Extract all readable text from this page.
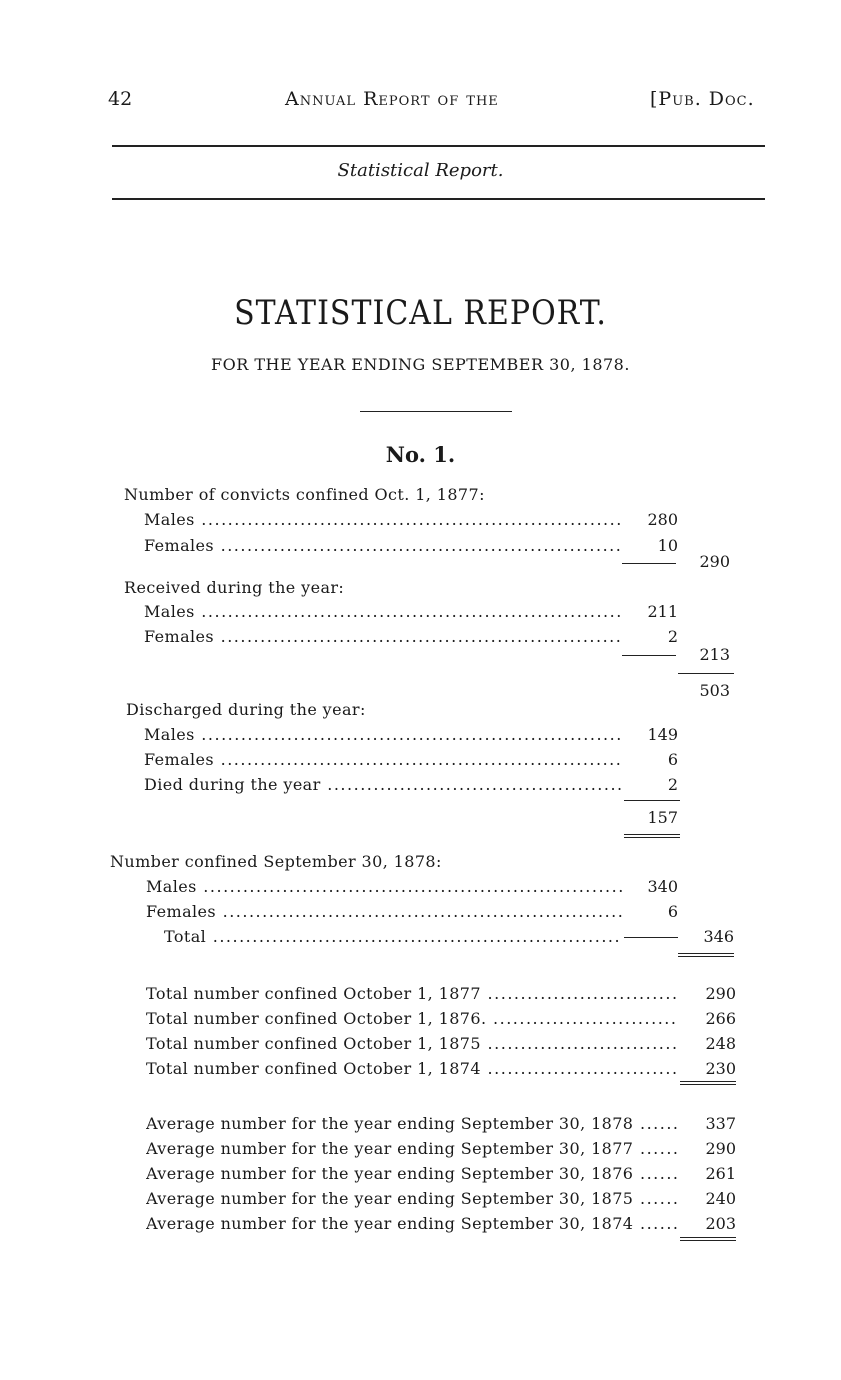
42	Annual Report of the	[Pub. Doc.
Statistical Report.
STATISTICAL REPORT.
FOR THE YEAR ENDING SEPTEMBER 30, 1878.
No. 1.
Number of convicts confined Oct. 1, 1877:
Males .....	280
Females .....	10
290
Received during the year:
Males .....	211
Females .....	2
213
503
Discharged during the year:
Males .....	149
Females .....	6
Died during the year .....	2
157
Number confined September 30, 1878:
Males .....	340
Females .....	6
Total .....	346
Total number confined October 1, 1877 .....	290
Total number confined October 1, 1876. .....	266
Total number confined October 1, 1875 .....	248
Total number confined October 1, 1874 .....	230
Average number for the year ending September 30, 1878 .....	337
Average number for the year ending September 30, 1877 .....	290
Average number for the year ending September 30, 1876 .....	261
Average number for the year ending September 30, 1875 .....	240
Average number for the year ending September 30, 1874 .....	203
